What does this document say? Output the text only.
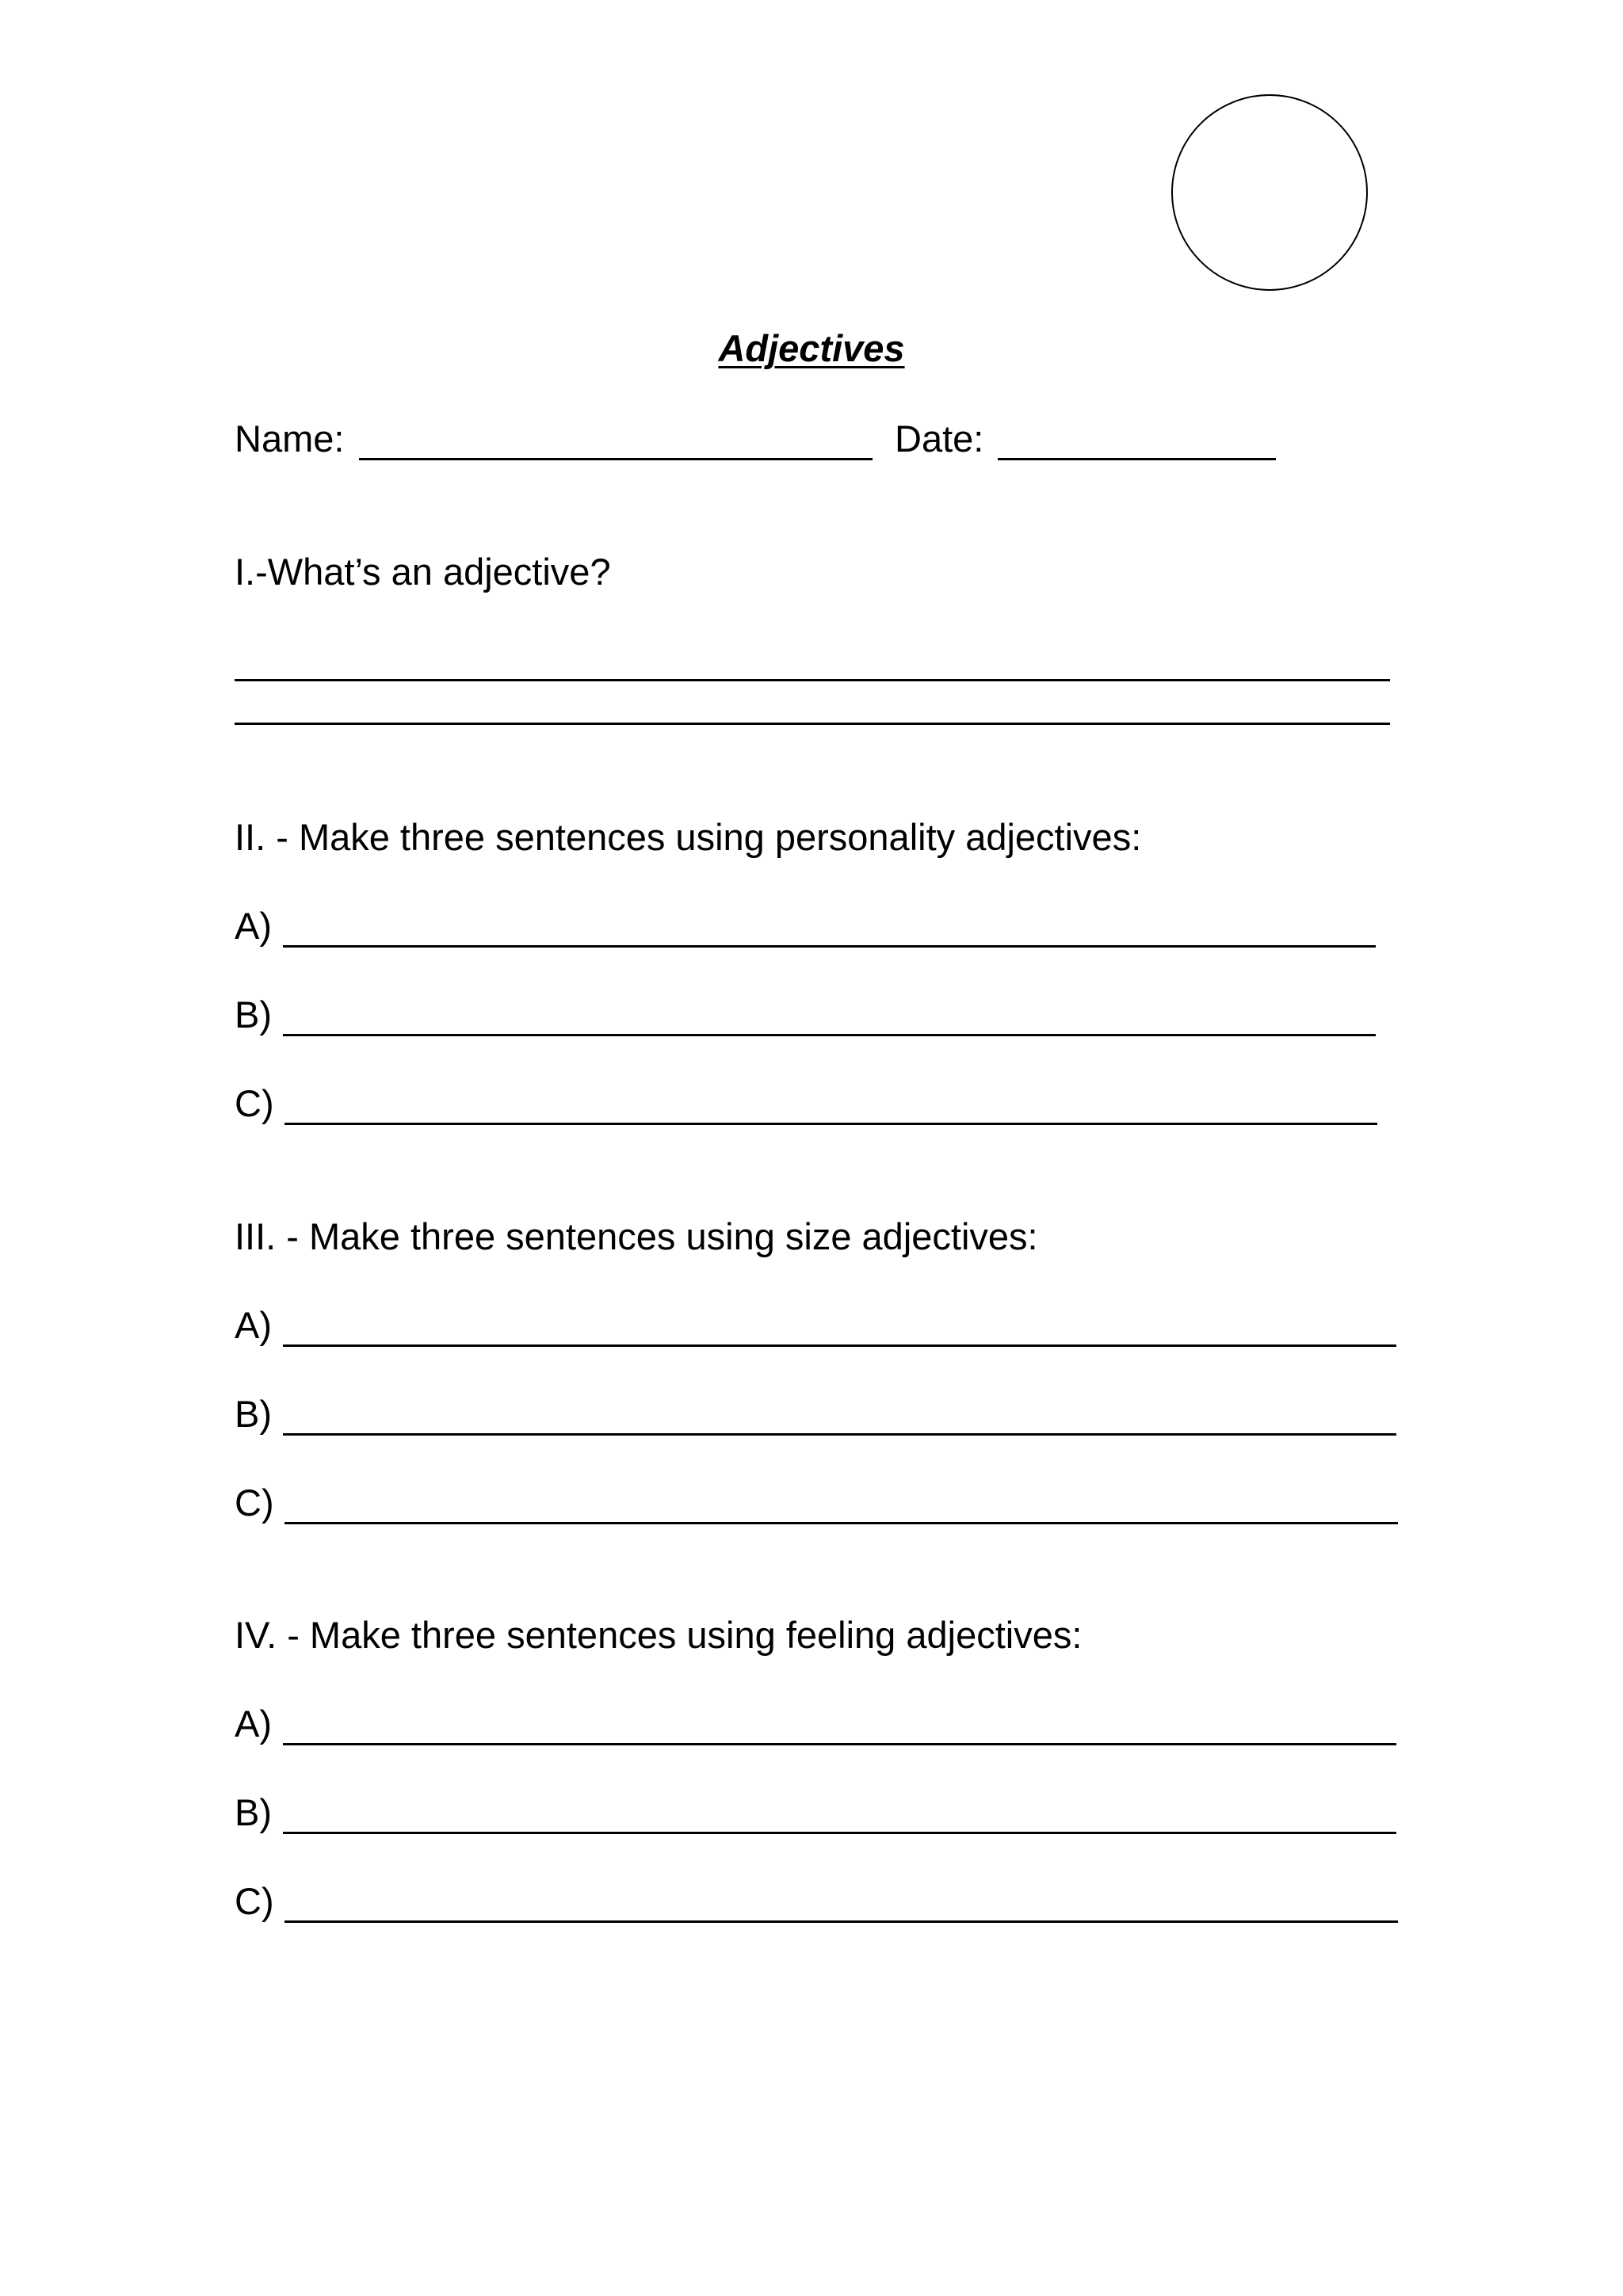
Adjectives
Name:	Date:
I.-What’s an adjective?
II. - Make three sentences using personality adjectives:
A)
B)
C)
III. - Make three sentences using size adjectives:
A)
B)
C)
IV. - Make three sentences using feeling adjectives:
A)
B)
C)
